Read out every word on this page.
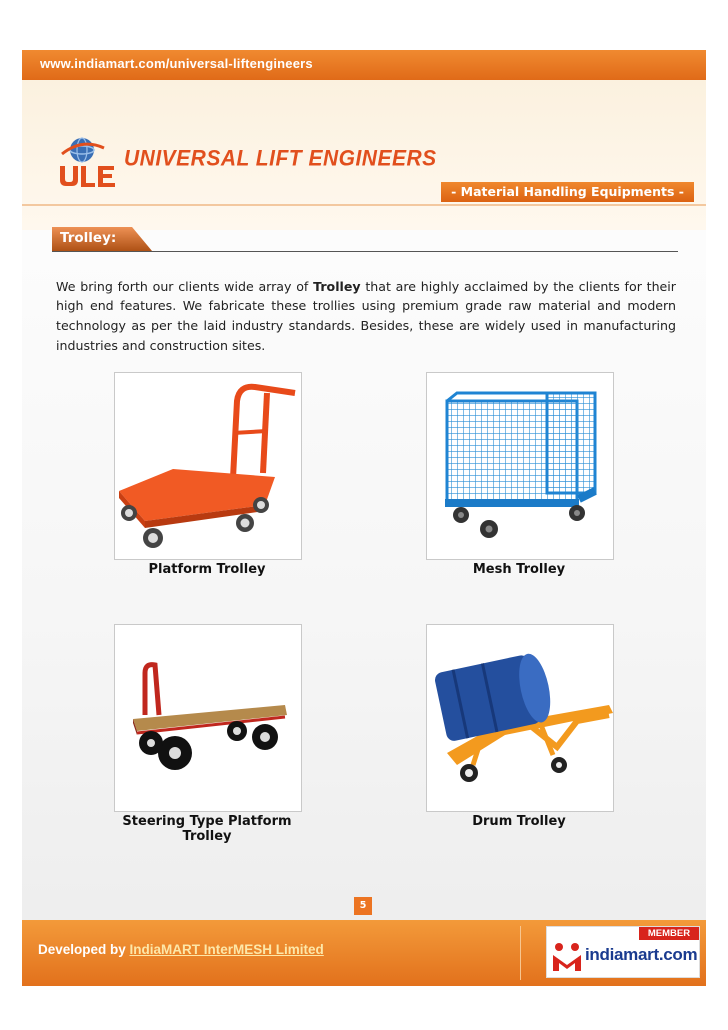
www.indiamart.com/universal-liftengineers
UNIVERSAL LIFT ENGINEERS
- Material Handling Equipments -
Trolley:

We bring forth our clients wide array of Trolley that are highly acclaimed by the clients for their high end features. We fabricate these trollies using premium grade raw material and modern technology as per the laid industry standards. Besides, these are widely used in manufacturing industries and construction sites.

Platform Trolley	Mesh Trolley
Steering Type Platform Trolley
Drum Trolley
5
Developed by IndiaMART InterMESH Limited
MEMBER
indiamart.com
